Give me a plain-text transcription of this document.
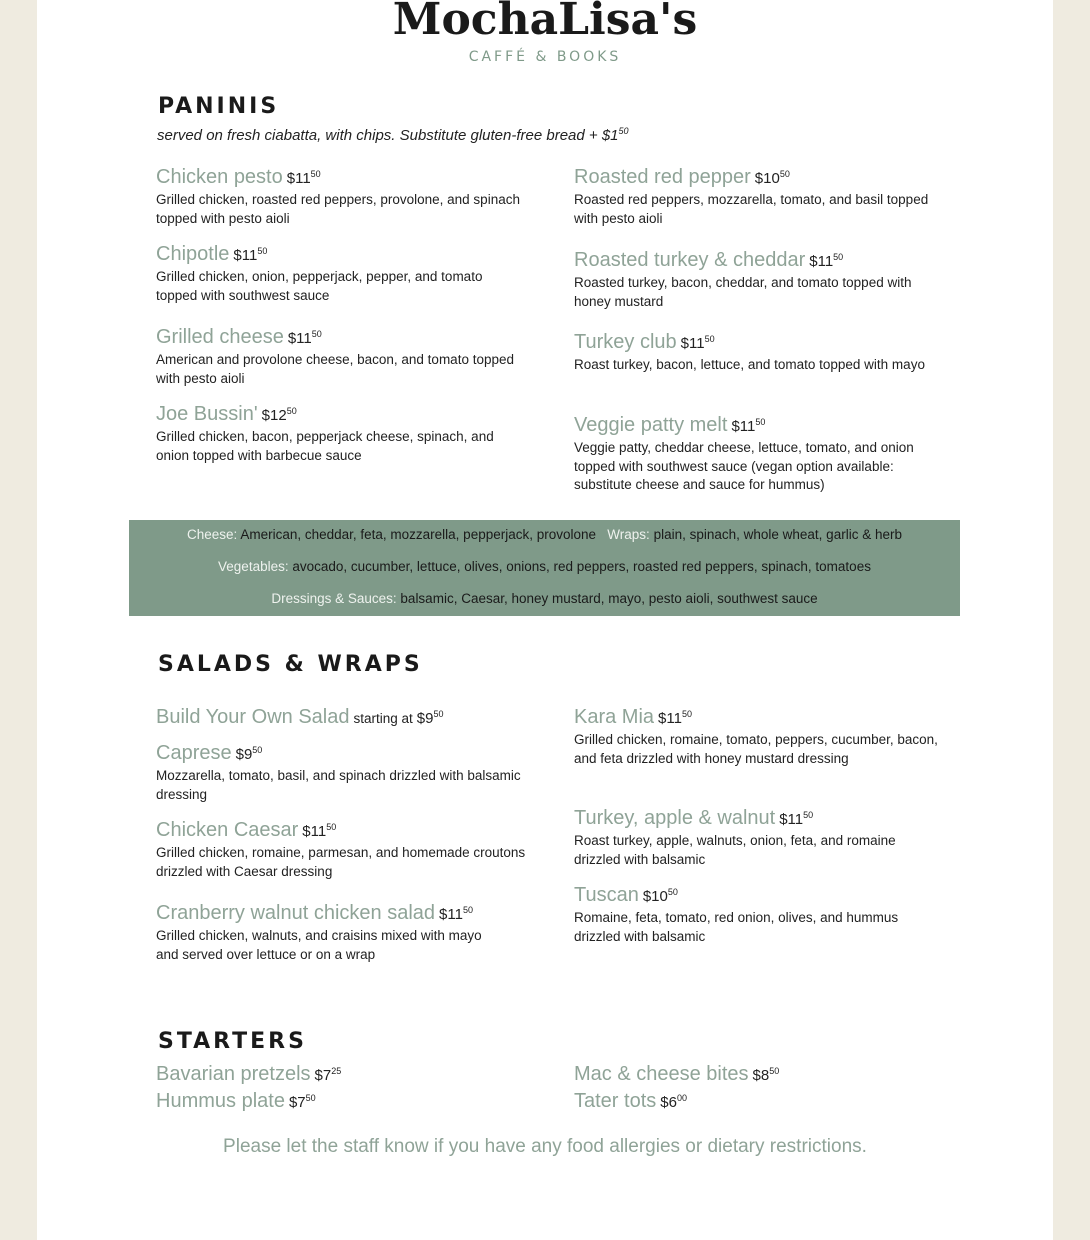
MochaLisa's
CAFFÉ & BOOKS
PANINIS
served on fresh ciabatta, with chips. Substitute gluten-free bread + $\$1^{50}$
Chicken pesto $\$11^{50}$
Grilled chicken, roasted red peppers, provolone, and spinach topped with pesto aioli
Chipotle $\$11^{50}$
Grilled chicken, onion, pepperjack, pepper, and tomato topped with southwest sauce
Grilled cheese $\$11^{50}$
American and provolone cheese, bacon, and tomato topped with pesto aioli
Joe Bussin' $\$12^{50}$
Grilled chicken, bacon, pepperjack cheese, spinach, and onion topped with barbecue sauce
Roasted red pepper $\$10^{50}$
Roasted red peppers, mozzarella, tomato, and basil topped with pesto aioli
Roasted turkey & cheddar $\$11^{50}$
Roasted turkey, bacon, cheddar, and tomato topped with honey mustard
Turkey club $\$11^{50}$
Roast turkey, bacon, lettuce, and tomato topped with mayo
Veggie patty melt $\$11^{50}$
Veggie patty, cheddar cheese, lettuce, tomato, and onion topped with southwest sauce (vegan option available: substitute cheese and sauce for hummus)
Cheese: American, cheddar, feta, mozzarella, pepperjack, provolone Wraps: plain, spinach, whole wheat, garlic & herb
Vegetables: avocado, cucumber, lettuce, olives, onions, red peppers, roasted red peppers, spinach, tomatoes
Dressings & Sauces: balsamic, Caesar, honey mustard, mayo, pesto aioli, southwest sauce
SALADS & WRAPS
Build Your Own Salad starting at $\$9^{50}$
Caprese $\$9^{50}$
Mozzarella, tomato, basil, and spinach drizzled with balsamic dressing
Chicken Caesar $\$11^{50}$
Grilled chicken, romaine, parmesan, and homemade croutons drizzled with Caesar dressing
Cranberry walnut chicken salad $\$11^{50}$
Grilled chicken, walnuts, and craisins mixed with mayo and served over lettuce or on a wrap
Kara Mia $\$11^{50}$
Grilled chicken, romaine, tomato, peppers, cucumber, bacon, and feta drizzled with honey mustard dressing
Turkey, apple & walnut $\$11^{50}$
Roast turkey, apple, walnuts, onion, feta, and romaine drizzled with balsamic
Tuscan $\$10^{50}$
Romaine, feta, tomato, red onion, olives, and hummus drizzled with balsamic
STARTERS
Bavarian pretzels $\$7^{25}$
Hummus plate $\$7^{50}$
Mac & cheese bites $\$8^{50}$
Tater tots $\$6^{00}$
Please let the staff know if you have any food allergies or dietary restrictions.
